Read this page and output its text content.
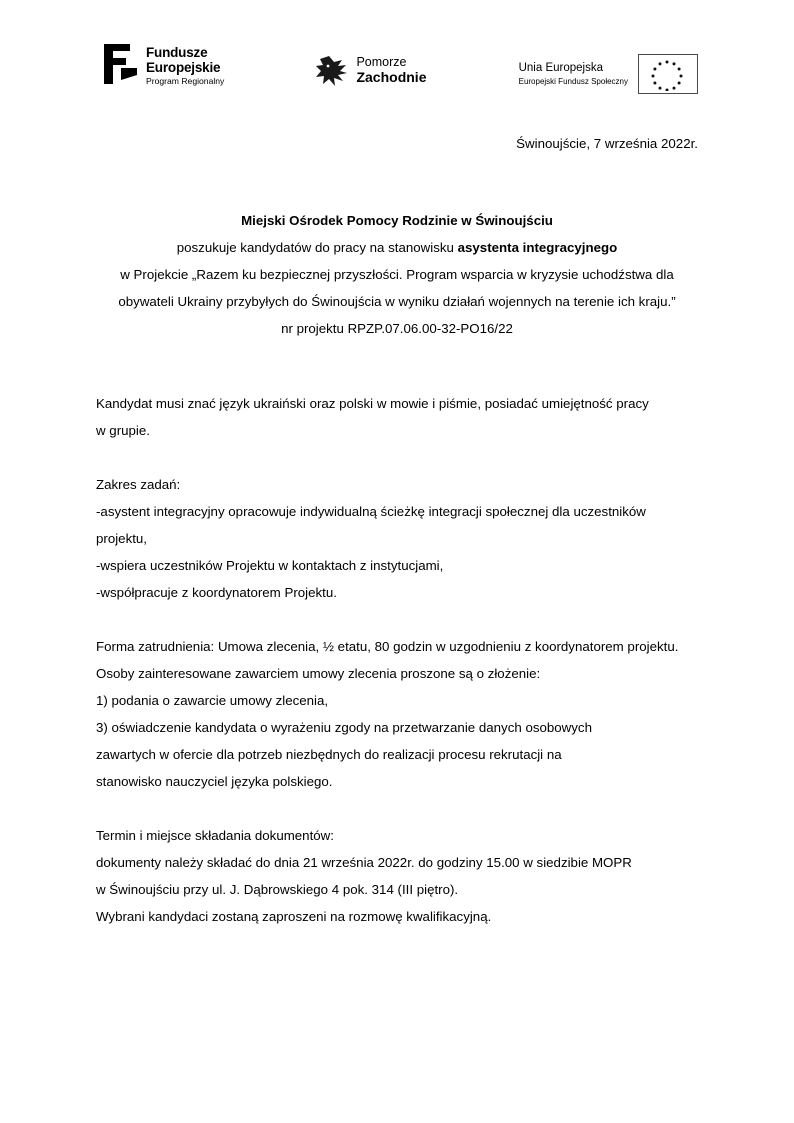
Fundusze
Europejskie
Program Regionalny
Pomorze
Zachodnie
Unia Europejska
Europejski Fundusz Społeczny
Świnoujście, 7 września 2022r.
Miejski Ośrodek Pomocy Rodzinie w Świnoujściu
poszukuje kandydatów do pracy na stanowisku asystenta integracyjnego
w Projekcie „Razem ku bezpiecznej przyszłości. Program wsparcia w kryzysie uchodźstwa dla
obywateli Ukrainy przybyłych do Świnoujścia w wyniku działań wojennych na terenie ich kraju.”
nr projektu RPZP.07.06.00-32-PO16/22
Kandydat musi znać język ukraiński oraz polski w mowie i piśmie, posiadać umiejętność pracy
w grupie.
Zakres zadań:
-asystent integracyjny opracowuje indywidualną ścieżkę integracji społecznej dla uczestników
projektu,
-wspiera uczestników Projektu w kontaktach z instytucjami,
-współpracuje z koordynatorem Projektu.
Forma zatrudnienia: Umowa zlecenia, ½ etatu, 80 godzin w uzgodnieniu z koordynatorem projektu.
Osoby zainteresowane zawarciem umowy zlecenia proszone są o złożenie:
1) podania o zawarcie umowy zlecenia,
3) oświadczenie kandydata o wyrażeniu zgody na przetwarzanie danych osobowych
zawartych w ofercie dla potrzeb niezbędnych do realizacji procesu rekrutacji na
stanowisko nauczyciel języka polskiego.
Termin i miejsce składania dokumentów:
dokumenty należy składać do dnia 21 września 2022r. do godziny 15.00 w siedzibie MOPR
w Świnoujściu przy ul. J. Dąbrowskiego 4 pok. 314 (III piętro).
Wybrani kandydaci zostaną zaproszeni na rozmowę kwalifikacyjną.
